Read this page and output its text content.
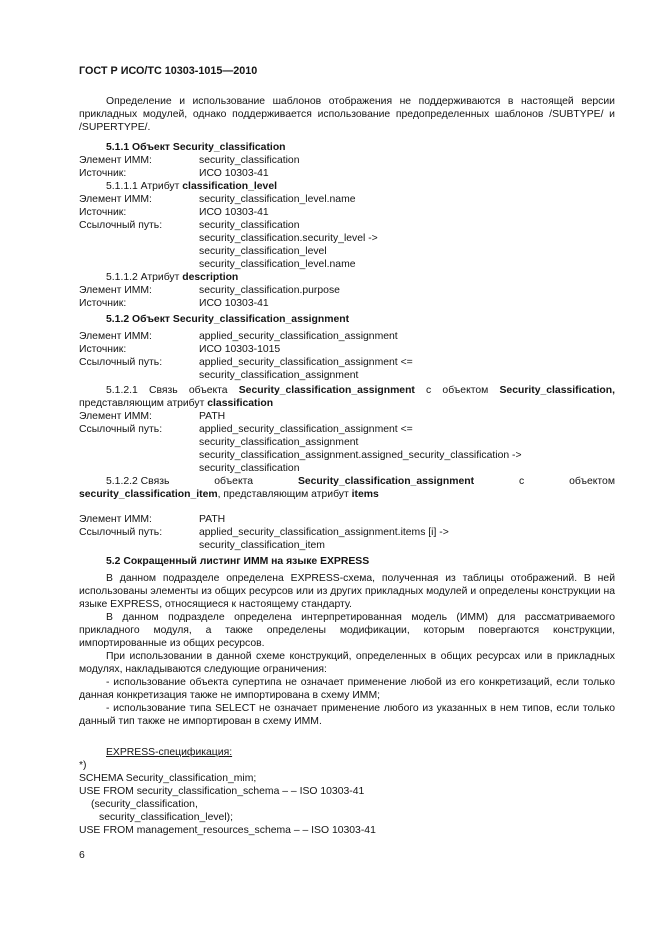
ГОСТ Р ИСО/ТС 10303-1015—2010

Определение и использование шаблонов отображения не поддерживаются в настоящей версии прикладных модулей, однако поддерживается использование предопределенных шаблонов /SUBTYPE/ и /SUPERTYPE/.

5.1.1 Объект Security_classification

Элемент ИММ:	security_classification
Источник:	ИСО 10303-41

5.1.1.1 Атрибут classification_level

Элемент ИММ:	security_classification_level.name
Источник:	ИСО 10303-41
Ссылочный путь:	security_classification
security_classification.security_level ->
security_classification_level
security_classification_level.name

5.1.1.2 Атрибут description

Элемент ИММ:	security_classification.purpose
Источник:	ИСО 10303-41

5.1.2 Объект Security_classification_assignment

Элемент ИММ:	applied_security_classification_assignment
Источник:	ИСО 10303-1015
Ссылочный путь:	applied_security_classification_assignment <=
security_classification_assignment

5.1.2.1 Связь объекта Security_classification_assignment с объектом Security_classification, представляющим атрибут classification

Элемент ИММ:	PATH
Ссылочный путь:	applied_security_classification_assignment <=
security_classification_assignment
security_classification_assignment.assigned_security_classification ->
security_classification
5.1.2.2 Связь	объекта	Security_classification_assignment	с	объектом

security_classification_item, представляющим атрибут items

Элемент ИММ:	PATH
Ссылочный путь:	applied_security_classification_assignment.items [i] ->
security_classification_item

5.2 Сокращенный листинг ИММ на языке EXPRESS

В данном подразделе определена EXPRESS-схема, полученная из таблицы отображений. В ней использованы элементы из общих ресурсов или из других прикладных модулей и определены конструкции на языке EXPRESS, относящиеся к настоящему стандарту.

В данном подразделе определена интерпретированная модель (ИММ) для рассматриваемого прикладного модуля, а также определены модификации, которым повергаются конструкции, импортированные из общих ресурсов.

При использовании в данной схеме конструкций, определенных в общих ресурсах или в прикладных модулях, накладываются следующие ограничения:

- использование объекта супертипа не означает применение любой из его конкретизаций, если только данная конкретизация также не импортирована в схему ИММ;

- использование типа SELECT не означает применение любого из указанных в нем типов, если только данный тип также не импортирован в схему ИММ.

EXPRESS-спецификация:

*)
SCHEMA Security_classification_mim;
USE FROM security_classification_schema – – ISO 10303-41
(security_classification,
security_classification_level);
USE FROM management_resources_schema – – ISO 10303-41
6
